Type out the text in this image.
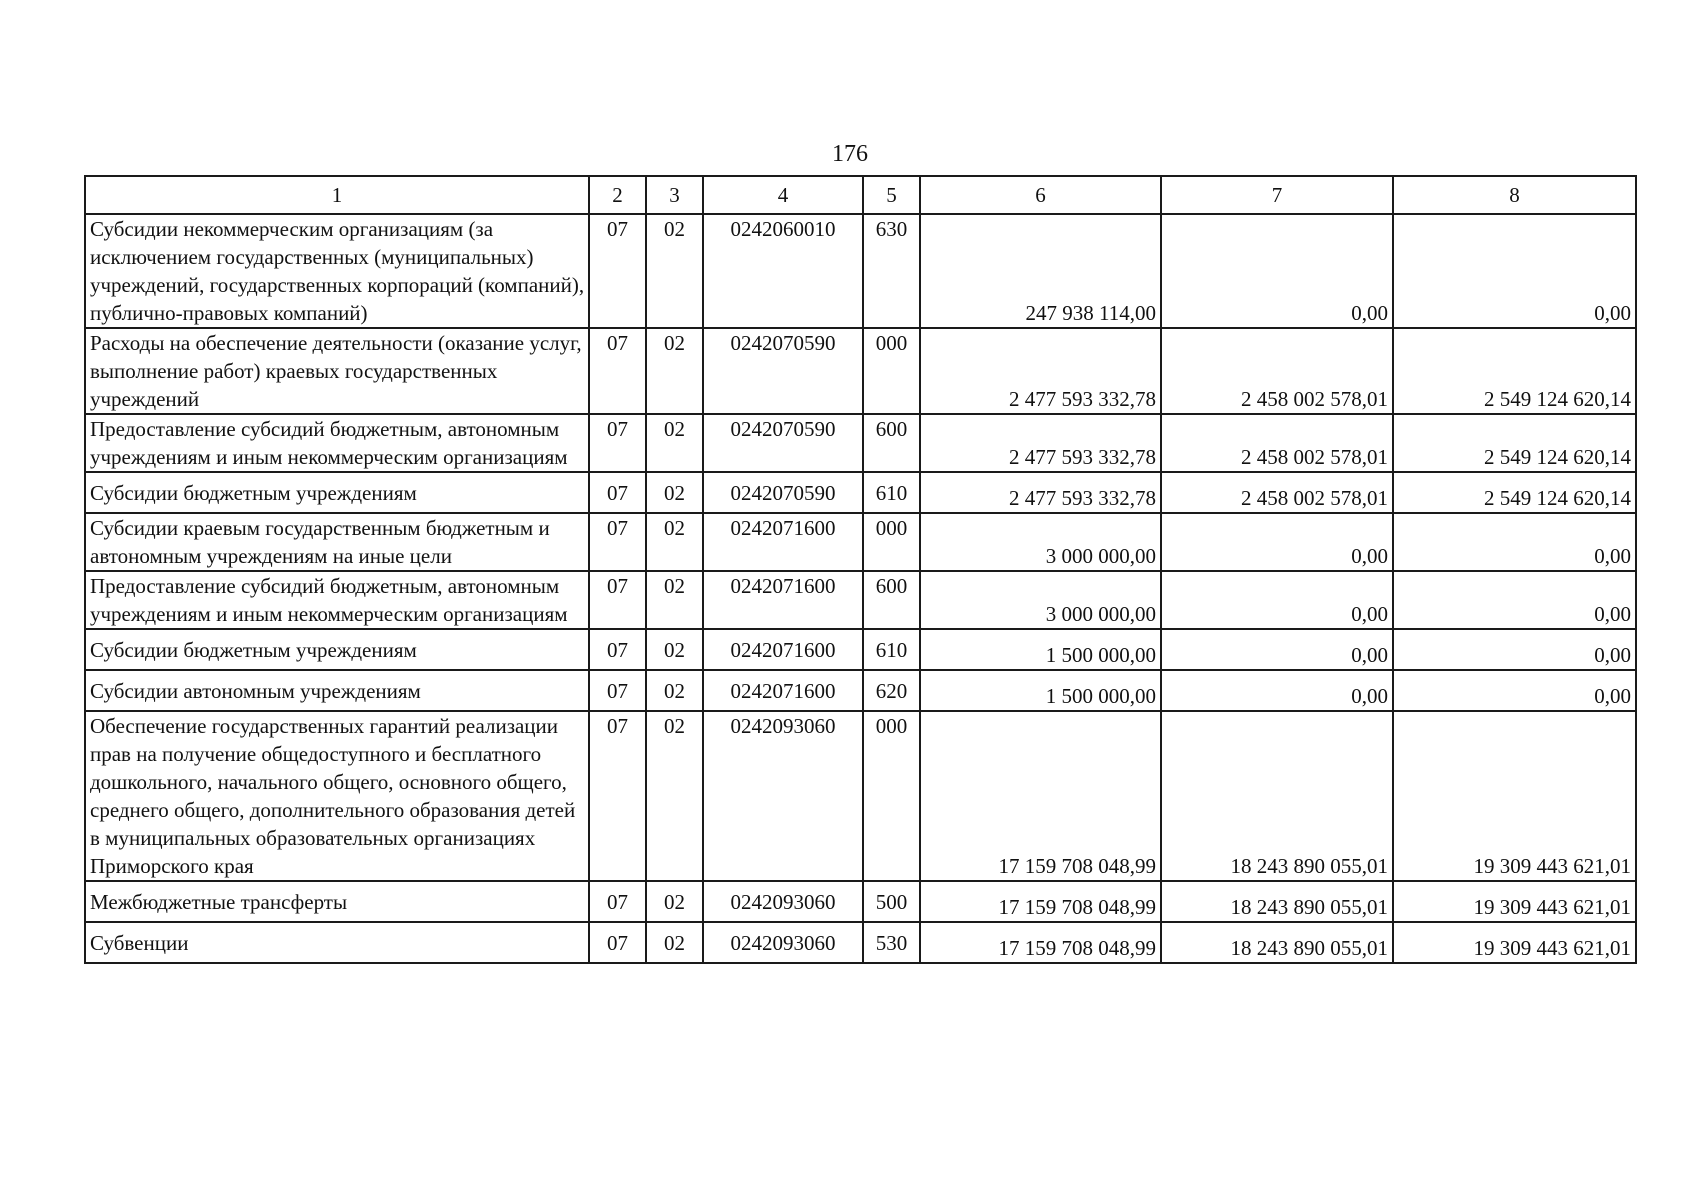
176
1	2	3	4	5	6	7	8
Субсидии некоммерческим организациям (за исключением государственных (муниципальных) учреждений, государственных корпораций (компаний), публично-правовых компаний)	07	02	0242060010	630	247 938 114,00	0,00	0,00
Расходы на обеспечение деятельности (оказание услуг, выполнение работ) краевых государственных учреждений	07	02	0242070590	000	2 477 593 332,78	2 458 002 578,01	2 549 124 620,14
Предоставление субсидий бюджетным, автономным учреждениям и иным некоммерческим организациям	07	02	0242070590	600	2 477 593 332,78	2 458 002 578,01	2 549 124 620,14
Субсидии бюджетным учреждениям	07	02	0242070590	610	2 477 593 332,78	2 458 002 578,01	2 549 124 620,14
Субсидии краевым государственным бюджетным и автономным учреждениям на иные цели	07	02	0242071600	000	3 000 000,00	0,00	0,00
Предоставление субсидий бюджетным, автономным учреждениям и иным некоммерческим организациям	07	02	0242071600	600	3 000 000,00	0,00	0,00
Субсидии бюджетным учреждениям	07	02	0242071600	610	1 500 000,00	0,00	0,00
Субсидии автономным учреждениям	07	02	0242071600	620	1 500 000,00	0,00	0,00
Обеспечение государственных гарантий реализации прав на получение общедоступного и бесплатного дошкольного, начального общего, основного общего, среднего общего, дополнительного образования детей в муниципальных образовательных организациях Приморского края	07	02	0242093060	000	17 159 708 048,99	18 243 890 055,01	19 309 443 621,01
Межбюджетные трансферты	07	02	0242093060	500	17 159 708 048,99	18 243 890 055,01	19 309 443 621,01
Субвенции	07	02	0242093060	530	17 159 708 048,99	18 243 890 055,01	19 309 443 621,01
